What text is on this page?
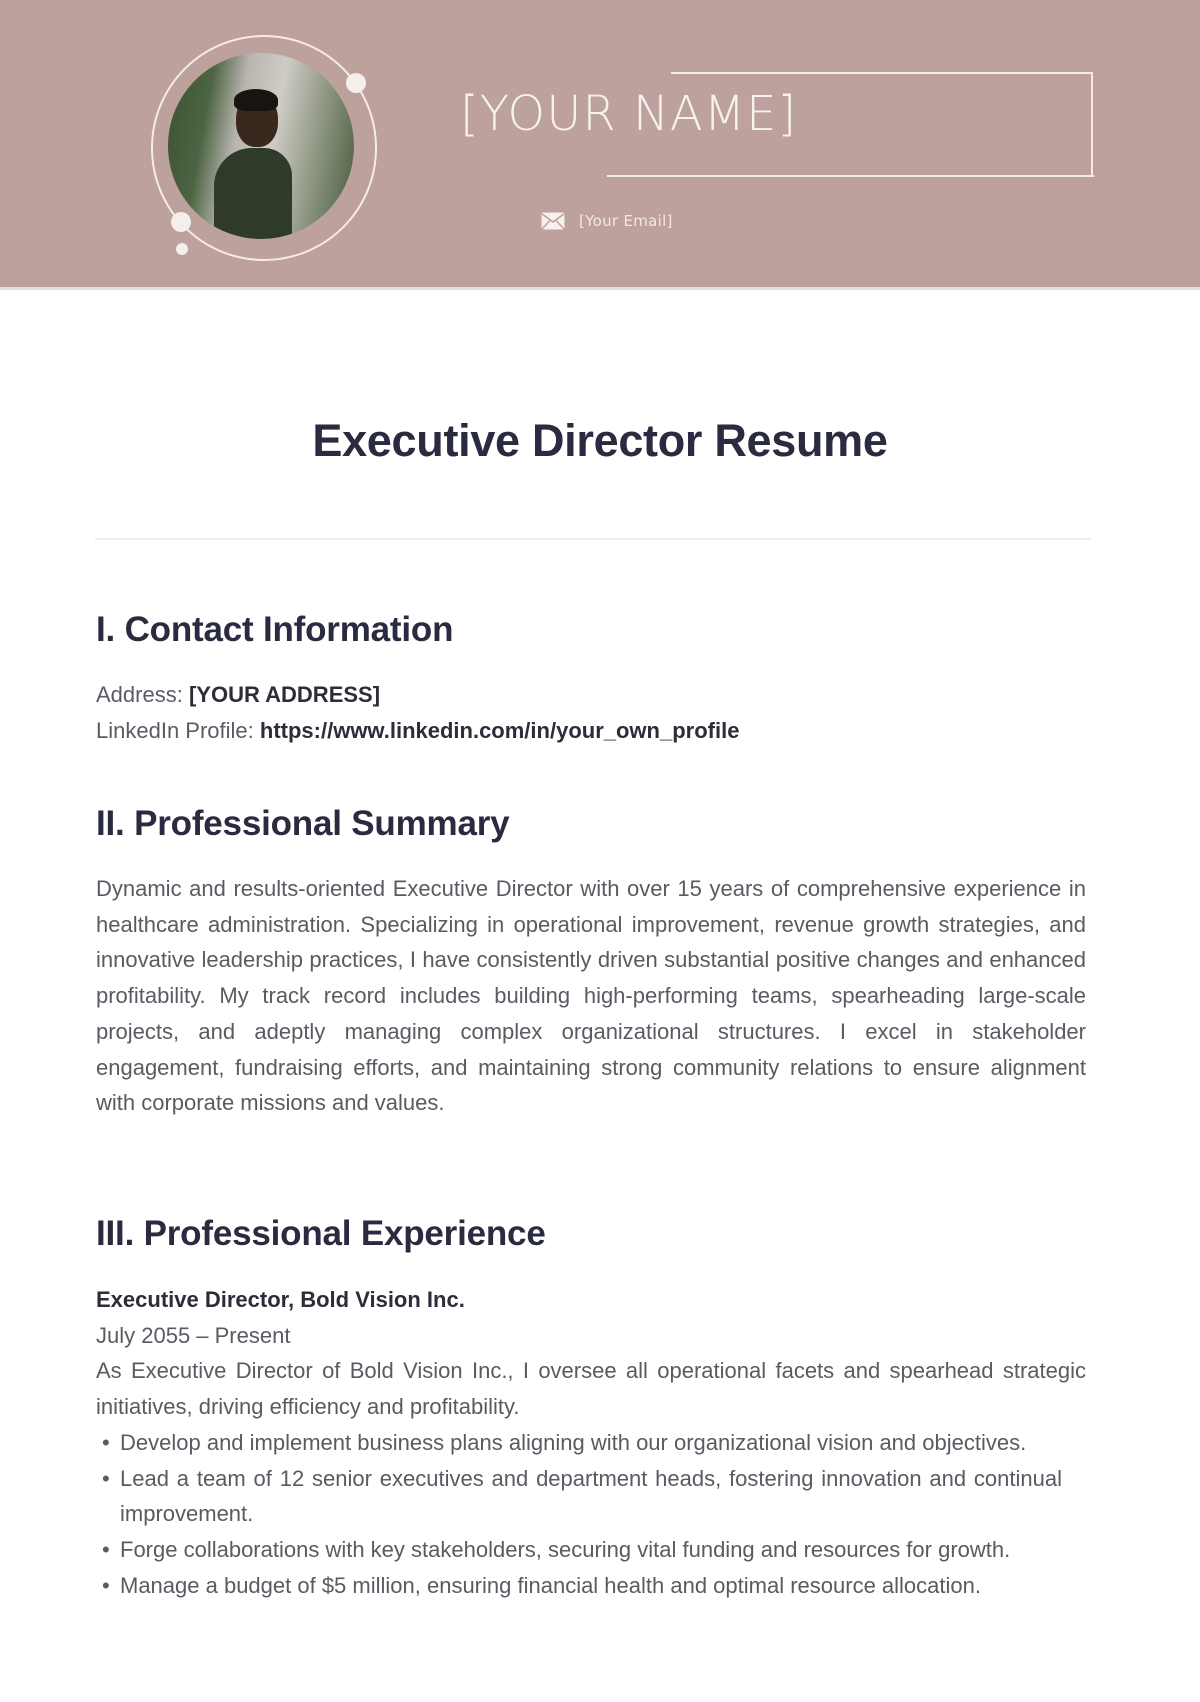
[YOUR NAME]
[Your Email]
Executive Director Resume
I. Contact Information
Address: [YOUR ADDRESS]
LinkedIn Profile: https://www.linkedin.com/in/your_own_profile
II. Professional Summary

Dynamic and results-oriented Executive Director with over 15 years of comprehensive experience in healthcare administration. Specializing in operational improvement, revenue growth strategies, and innovative leadership practices, I have consistently driven substantial positive changes and enhanced profitability. My track record includes building high-performing teams, spearheading large-scale projects, and adeptly managing complex organizational structures. I excel in stakeholder engagement, fundraising efforts, and maintaining strong community relations to ensure alignment with corporate missions and values.

III. Professional Experience
Executive Director, Bold Vision Inc.
July 2055 – Present
As Executive Director of Bold Vision Inc., I oversee all operational facets and spearhead strategic initiatives, driving efficiency and profitability.
• Develop and implement business plans aligning with our organizational vision and objectives.
• Lead a team of 12 senior executives and department heads, fostering innovation and continual improvement.
• Forge collaborations with key stakeholders, securing vital funding and resources for growth.
• Manage a budget of $5 million, ensuring financial health and optimal resource allocation.
